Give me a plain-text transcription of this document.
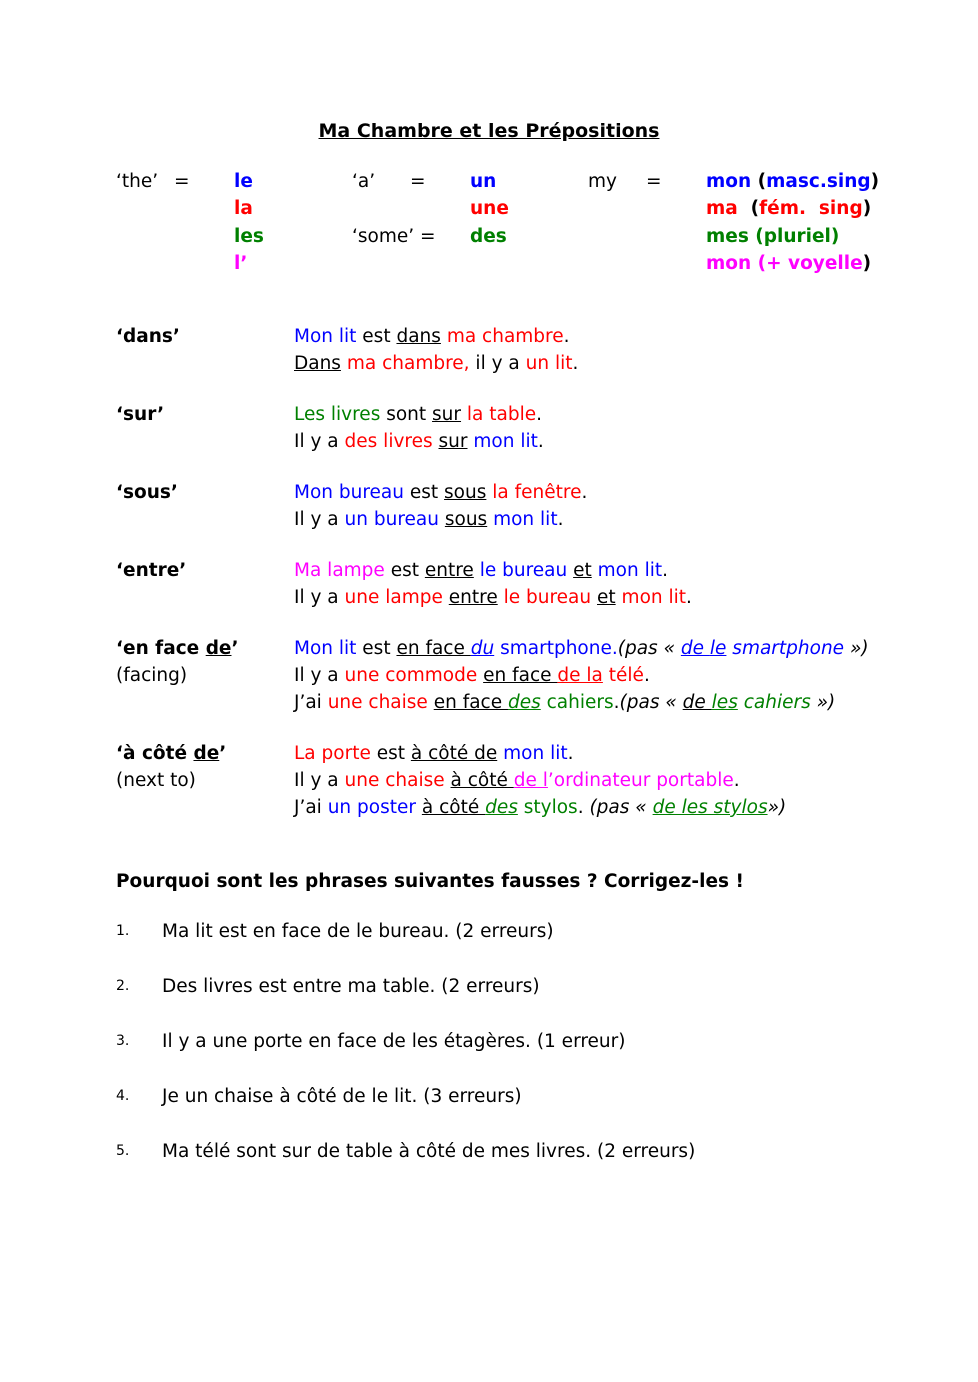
Ma Chambre et les Prépositions
‘the’ = le
la
les
l’
‘a’ = un
une
‘some’ = des
my = mon (masc.sing)
ma (fém. sing)
mes (pluriel)
mon (+ voyelle)
‘dans’
‘sur’
‘sous’
‘entre’
‘en face de’
(facing)
‘à côté de’
(next to)
Mon lit est dans ma chambre.
Dans ma chambre, il y a un lit.
Les livres sont sur la table.
Il y a des livres sur mon lit.
Mon bureau est sous la fenêtre.
Il y a un bureau sous mon lit.
Ma lampe est entre le bureau et mon lit.
Il y a une lampe entre le bureau et mon lit.
Mon lit est en face du smartphone.(pas « de le smartphone »)
Il y a une commode en face de la télé.
J’ai une chaise en face des cahiers.(pas « de les cahiers »)
La porte est à côté de mon lit.
Il y a une chaise à côté de l’ordinateur portable.
J’ai un poster à côté des stylos. (pas « de les stylos»)
Pourquoi sont les phrases suivantes fausses ? Corrigez-les !
1. Ma lit est en face de le bureau. (2 erreurs)
2. Des livres est entre ma table. (2 erreurs)
3. Il y a une porte en face de les étagères. (1 erreur)
4. Je un chaise à côté de le lit. (3 erreurs)
5. Ma télé sont sur de table à côté de mes livres. (2 erreurs)
